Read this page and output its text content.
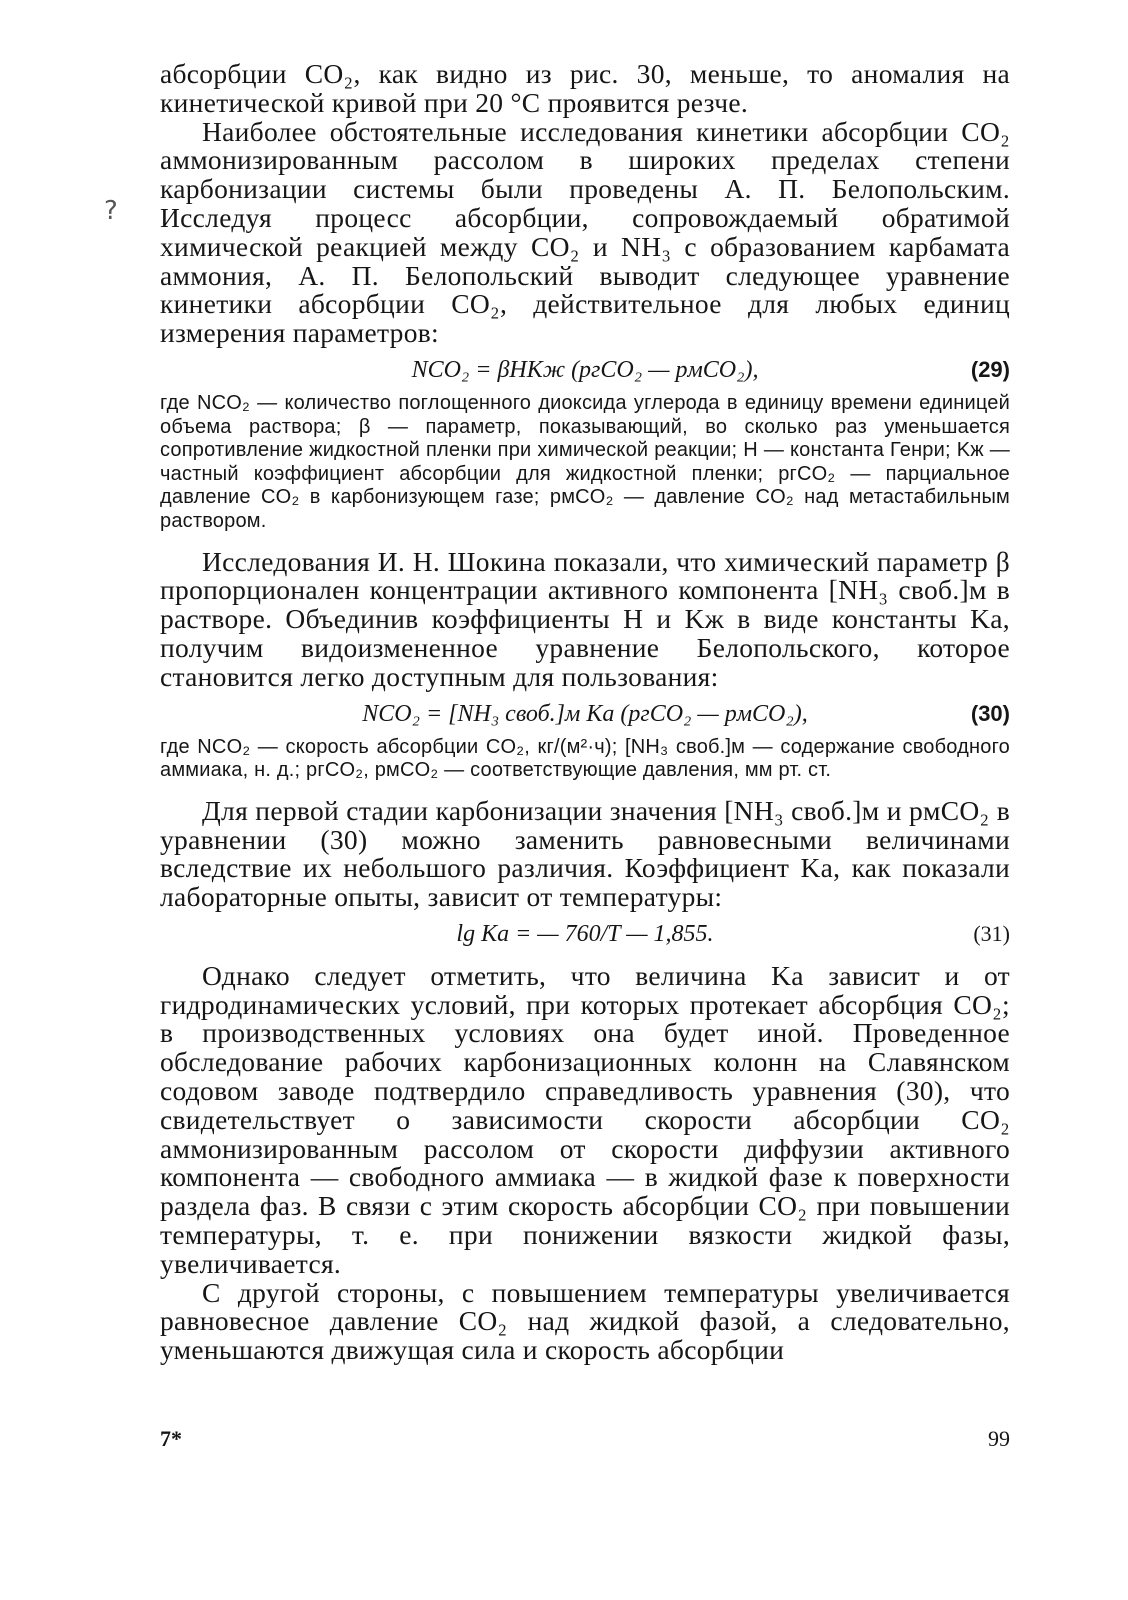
?

абсорбции CO₂, как видно из рис. 30, меньше, то аномалия на кинетической кривой при 20 °C проявится резче.

Наиболее обстоятельные исследования кинетики абсорбции CO₂ аммонизированным рассолом в широких пределах степени карбонизации системы были проведены А. П. Белопольским. Исследуя процесс абсорбции, сопровождаемый обратимой химической реакцией между CO₂ и NH₃ с образованием карбамата аммония, А. П. Белопольский выводит следующее уравнение кинетики абсорбции CO₂, действительное для любых единиц измерения параметров:

NCO₂ = βHKж (pгCO₂ — pмCO₂),	(29)

где NCO₂ — количество поглощенного диоксида углерода в единицу времени единицей объема раствора; β — параметр, показывающий, во сколько раз уменьшается сопротивление жидкостной пленки при химической реакции; H — константа Генри; Kж — частный коэффициент абсорбции для жидкостной пленки; pгCO₂ — парциальное давление CO₂ в карбонизующем газе; pмCO₂ — давление CO₂ над метастабильным раствором.

Исследования И. Н. Шокина показали, что химический параметр β пропорционален концентрации активного компонента [NH₃ своб.]м в растворе. Объединив коэффициенты H и Kж в виде константы Kа, получим видоизмененное уравнение Белопольского, которое становится легко доступным для пользования:

NCO₂ = [NH₃ своб.]м Kа (pгCO₂ — pмCO₂),	(30)

где NCO₂ — скорость абсорбции CO₂, кг/(м²·ч); [NH₃ своб.]м — содержание свободного аммиака, н. д.; pгCO₂, pмCO₂ — соответствующие давления, мм рт. ст.

Для первой стадии карбонизации значения [NH₃ своб.]м и pмCO₂ в уравнении (30) можно заменить равновесными величинами вследствие их небольшого различия. Коэффициент Kа, как показали лабораторные опыты, зависит от температуры:

lg Kа = — 760/T — 1,855.	(31)

Однако следует отметить, что величина Kа зависит и от гидродинамических условий, при которых протекает абсорбция CO₂; в производственных условиях она будет иной. Проведенное обследование рабочих карбонизационных колонн на Славянском содовом заводе подтвердило справедливость уравнения (30), что свидетельствует о зависимости скорости абсорбции CO₂ аммонизированным рассолом от скорости диффузии активного компонента — свободного аммиака — в жидкой фазе к поверхности раздела фаз. В связи с этим скорость абсорбции CO₂ при повышении температуры, т. е. при понижении вязкости жидкой фазы, увеличивается.

С другой стороны, с повышением температуры увеличивается равновесное давление CO₂ над жидкой фазой, а следовательно, уменьшаются движущая сила и скорость абсорбции

7*	99
